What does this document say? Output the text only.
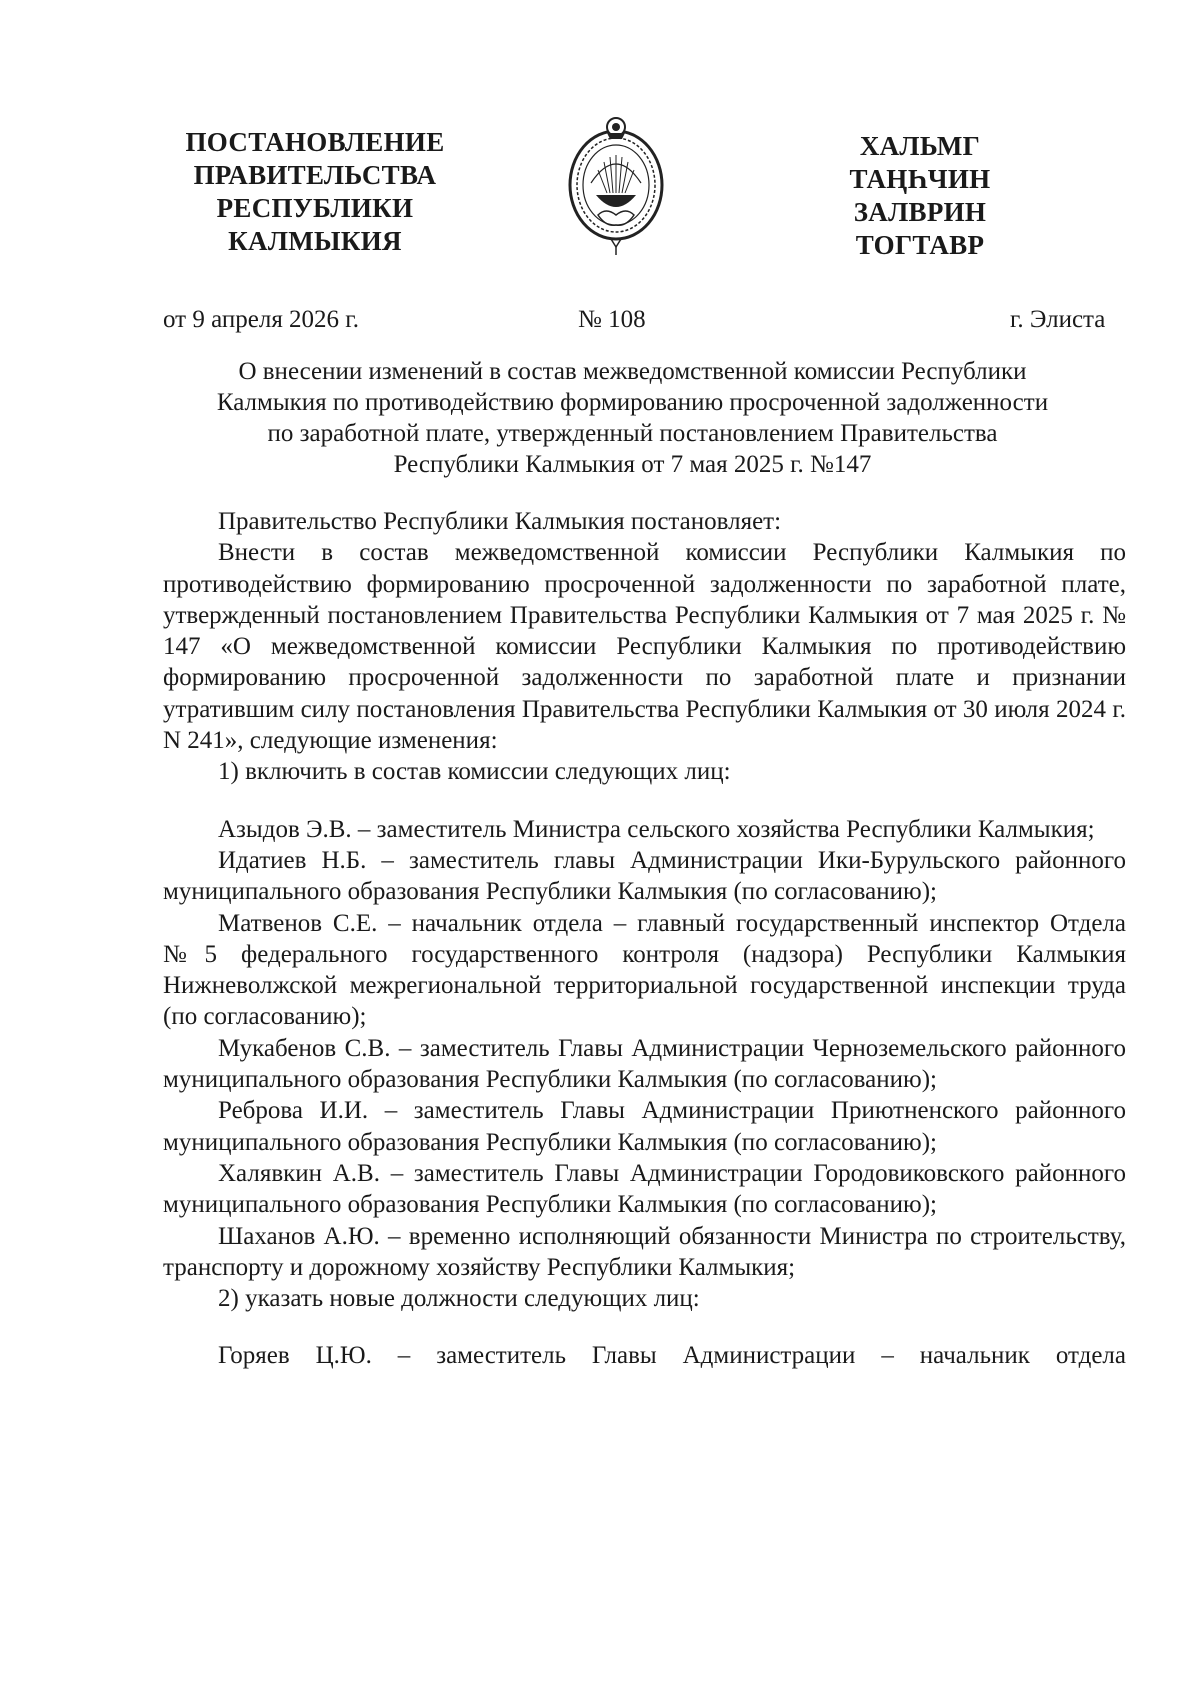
ПОСТАНОВЛЕНИЕ
ПРАВИТЕЛЬСТВА
РЕСПУБЛИКИ
КАЛМЫКИЯ
ХАЛЬМГ
ТАҢҺЧИН
ЗАЛВРИН
ТОГТАВР
от 9 апреля 2026 г.	№ 108	г. Элиста
О внесении изменений в состав межведомственной комиссии Республики
Калмыкия по противодействию формированию просроченной задолженности
по заработной плате, утвержденный постановлением Правительства
Республики Калмыкия от 7 мая 2025 г. №147

Правительство Республики Калмыкия постановляет:

Внести в состав межведомственной комиссии Республики Калмыкия по противодействию формированию просроченной задолженности по заработной плате, утвержденный постановлением Правительства Республики Калмыкия от 7 мая 2025 г. № 147 «О межведомственной комиссии Республики Калмыкия по противодействию формированию просроченной задолженности по заработной плате и признании утратившим силу постановления Правительства Республики Калмыкия от 30 июля 2024 г. N 241», следующие изменения:

1) включить в состав комиссии следующих лиц:

Азыдов Э.В. – заместитель Министра сельского хозяйства Республики Калмыкия;

Идатиев Н.Б. – заместитель главы Администрации Ики-Бурульского районного муниципального образования Республики Калмыкия (по согласованию);

Матвенов С.Е. – начальник отдела – главный государственный инспектор Отдела №5 федерального государственного контроля (надзора) Республики Калмыкия Нижневолжской межрегиональной территориальной государственной инспекции труда (по согласованию);

Мукабенов С.В. – заместитель Главы Администрации Черноземельского районного муниципального образования Республики Калмыкия (по согласованию);

Реброва И.И. – заместитель Главы Администрации Приютненского районного муниципального образования Республики Калмыкия (по согласованию);

Халявкин А.В. – заместитель Главы Администрации Городовиковского районного муниципального образования Республики Калмыкия (по согласованию);

Шаханов А.Ю. – временно исполняющий обязанности Министра по строительству, транспорту и дорожному хозяйству Республики Калмыкия;

2) указать новые должности следующих лиц:

Горяев Ц.Ю. – заместитель Главы Администрации – начальник отдела
